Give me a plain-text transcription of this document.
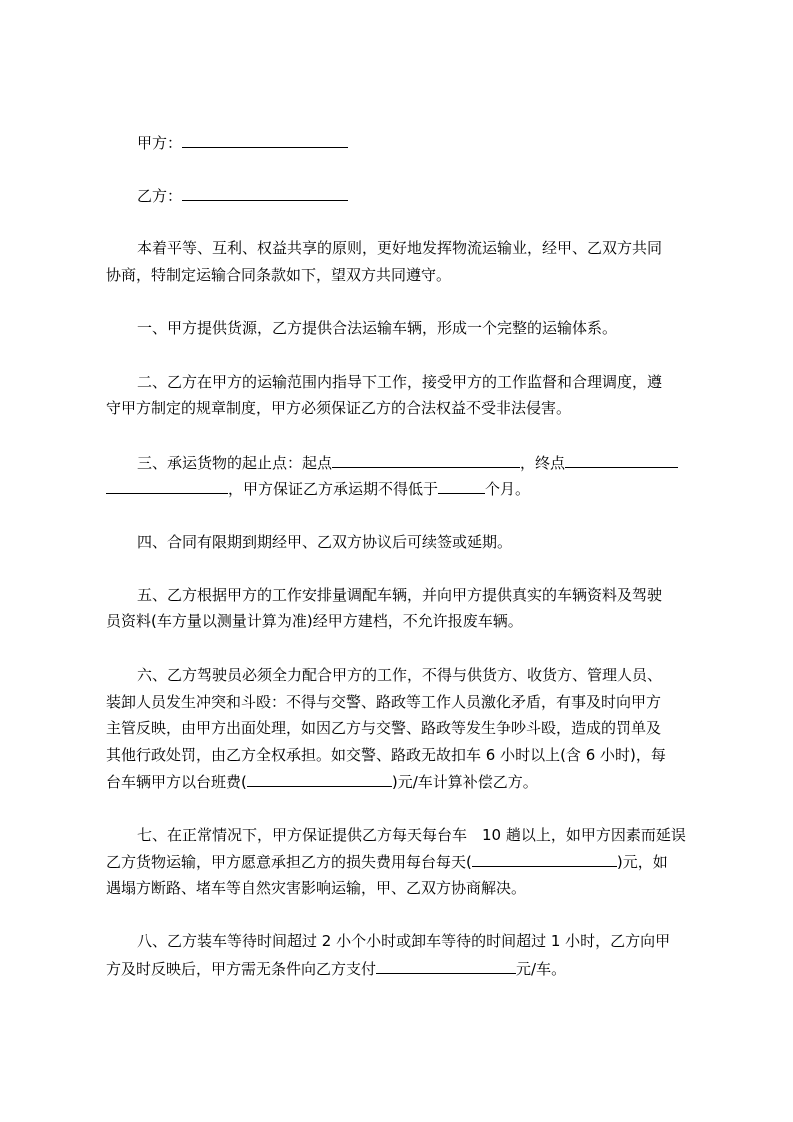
甲方：
乙方：
本着平等、互利、权益共享的原则，更好地发挥物流运输业，经甲、乙双方共同
协商，特制定运输合同条款如下，望双方共同遵守。
一、甲方提供货源，乙方提供合法运输车辆，形成一个完整的运输体系。
二、乙方在甲方的运输范围内指导下工作，接受甲方的工作监督和合理调度，遵
守甲方制定的规章制度，甲方必须保证乙方的合法权益不受非法侵害。
三、承运货物的起止点：起点	，终点
，甲方保证乙方承运期不得低于	个月。
四、合同有限期到期经甲、乙双方协议后可续签或延期。
五、乙方根据甲方的工作安排量调配车辆，并向甲方提供真实的车辆资料及驾驶
员资料(车方量以测量计算为准)经甲方建档，不允许报废车辆。
六、乙方驾驶员必须全力配合甲方的工作，不得与供货方、收货方、管理人员、
装卸人员发生冲突和斗殴：不得与交警、路政等工作人员激化矛盾，有事及时向甲方
主管反映，由甲方出面处理，如因乙方与交警、路政等发生争吵斗殴，造成的罚单及
其他行政处罚，由乙方全权承担。如交警、路政无故扣车 6 小时以上(含 6 小时)，每
台车辆甲方以台班费(	)元/车计算补偿乙方。
七、在正常情况下，甲方保证提供乙方每天每台车　10 趟以上，如甲方因素而延误
乙方货物运输，甲方愿意承担乙方的损失费用每台每天(	)元，如
遇塌方断路、堵车等自然灾害影响运输，甲、乙双方协商解决。
八、乙方装车等待时间超过 2 小个小时或卸车等待的时间超过 1 小时，乙方向甲
方及时反映后，甲方需无条件向乙方支付	元/车。
